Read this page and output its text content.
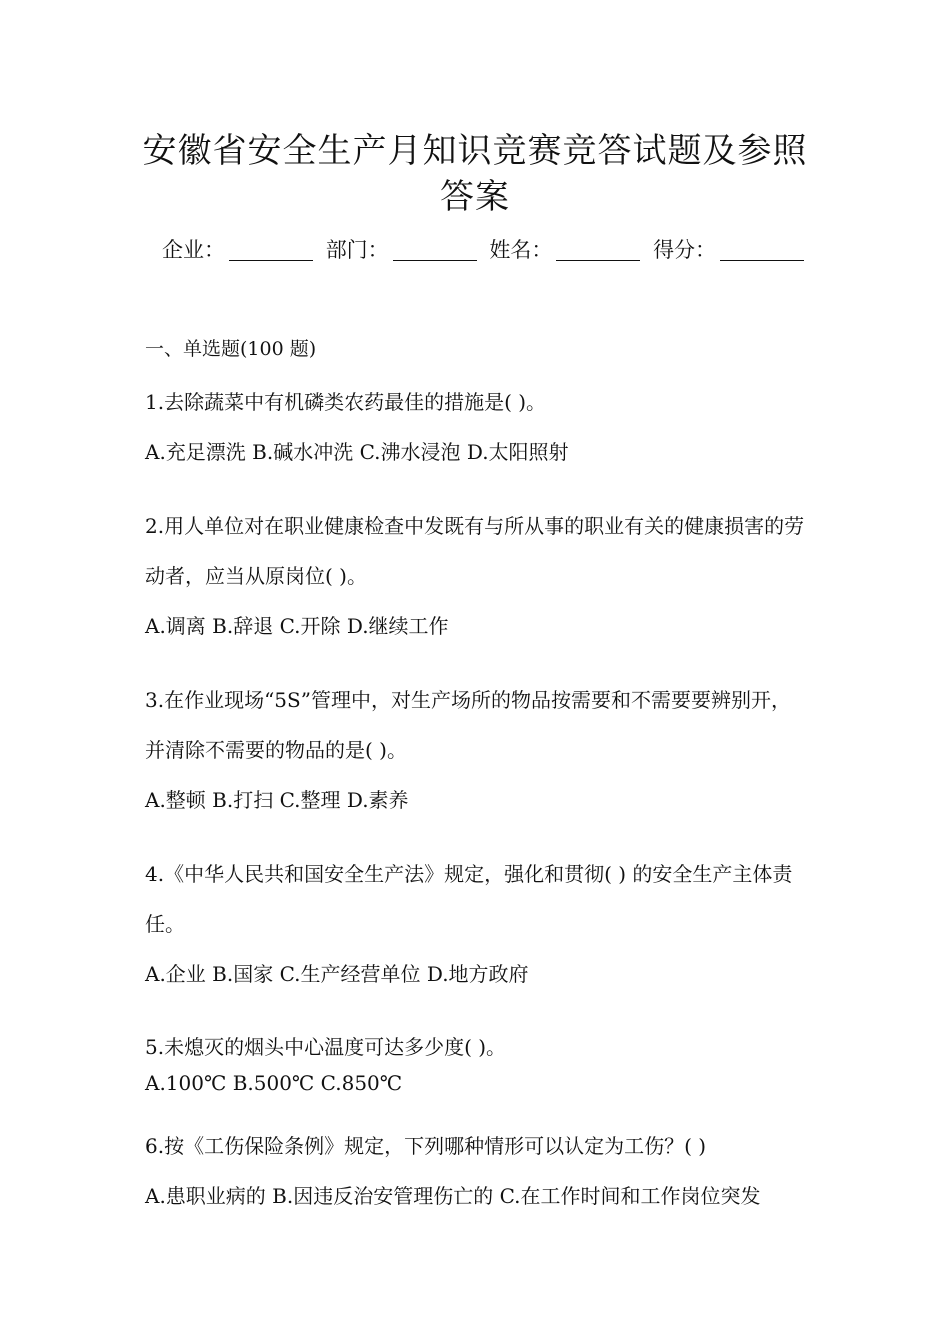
安徽省安全生产月知识竞赛竞答试题及参照答案
企业：	部门：	姓名：	得分：
一、单选题(100 题)
1.去除蔬菜中有机磷类农药最佳的措施是( )。
A.充足漂洗 B.碱水冲洗 C.沸水浸泡 D.太阳照射
2.用人单位对在职业健康检查中发既有与所从事的职业有关的健康损害的劳动者，应当从原岗位( )。
A.调离 B.辞退 C.开除 D.继续工作
3.在作业现场“5S”管理中，对生产场所的物品按需要和不需要要辨别开，并清除不需要的物品的是( )。
A.整顿 B.打扫 C.整理 D.素养
4.《中华人民共和国安全生产法》规定，强化和贯彻( ) 的安全生产主体责任。
A.企业 B.国家 C.生产经营单位 D.地方政府
5.未熄灭的烟头中心温度可达多少度( )。
A.100℃ B.500℃ C.850℃
6.按《工伤保险条例》规定，下列哪种情形可以认定为工伤？( )
A.患职业病的 B.因违反治安管理伤亡的 C.在工作时间和工作岗位突发
